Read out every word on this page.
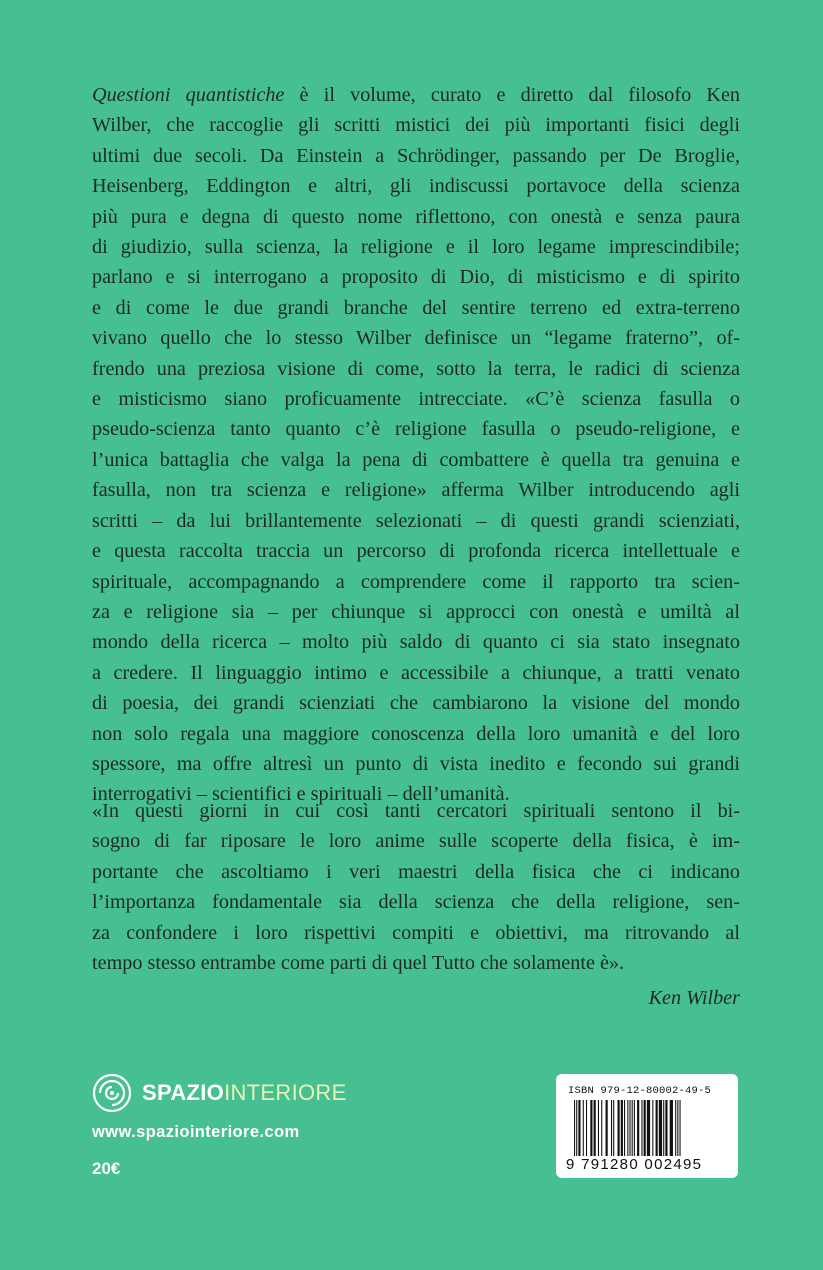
Questioni quantistiche è il volume, curato e diretto dal filosofo Ken
Wilber, che raccoglie gli scritti mistici dei più importanti fisici degli
ultimi due secoli. Da Einstein a Schrödinger, passando per De Broglie,
Heisenberg, Eddington e altri, gli indiscussi portavoce della scienza
più pura e degna di questo nome riflettono, con onestà e senza paura
di giudizio, sulla scienza, la religione e il loro legame imprescindibile;
parlano e si interrogano a proposito di Dio, di misticismo e di spirito
e di come le due grandi branche del sentire terreno ed extra-terreno
vivano quello che lo stesso Wilber definisce un “legame fraterno”, of-
frendo una preziosa visione di come, sotto la terra, le radici di scienza
e misticismo siano proficuamente intrecciate. «C’è scienza fasulla o
pseudo-scienza tanto quanto c’è religione fasulla o pseudo-religione, e
l’unica battaglia che valga la pena di combattere è quella tra genuina e
fasulla, non tra scienza e religione» afferma Wilber introducendo agli
scritti – da lui brillantemente selezionati – di questi grandi scienziati,
e questa raccolta traccia un percorso di profonda ricerca intellettuale e
spirituale, accompagnando a comprendere come il rapporto tra scien-
za e religione sia – per chiunque si approcci con onestà e umiltà al
mondo della ricerca – molto più saldo di quanto ci sia stato insegnato
a credere. Il linguaggio intimo e accessibile a chiunque, a tratti venato
di poesia, dei grandi scienziati che cambiarono la visione del mondo
non solo regala una maggiore conoscenza della loro umanità e del loro
spessore, ma offre altresì un punto di vista inedito e fecondo sui grandi
interrogativi – scientifici e spirituali – dell’umanità.
«In questi giorni in cui così tanti cercatori spirituali sentono il bi-
sogno di far riposare le loro anime sulle scoperte della fisica, è im-
portante che ascoltiamo i veri maestri della fisica che ci indicano
l’importanza fondamentale sia della scienza che della religione, sen-
za confondere i loro rispettivi compiti e obiettivi, ma ritrovando al
tempo stesso entrambe come parti di quel Tutto che solamente è».
Ken Wilber
SPAZIOINTERIORE
www.spaziointeriore.com
20€
ISBN 979-12-80002-49-5
9 791280 002495
